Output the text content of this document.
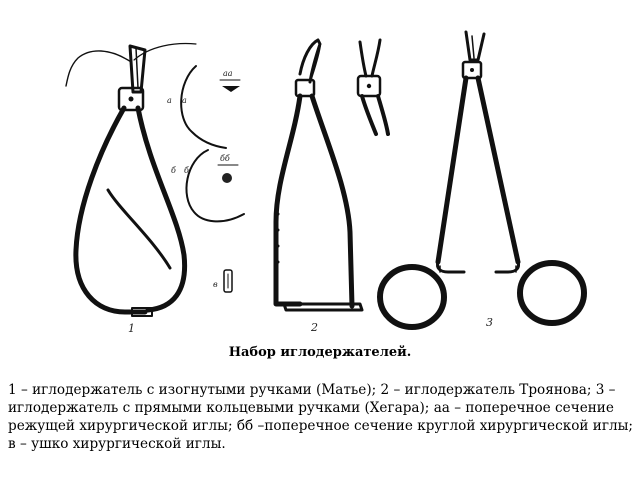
1	2	3
аа
а а
бб
б б
в
Набор иглодержателей.

1 – иглодержатель с изогнутыми ручками (Матье); 2 – иглодержатель Троянова; 3 – иглодержатель с прямыми кольцевыми ручками (Хегара); аа – поперечное сечение режущей хирургической иглы; бб –поперечное сечение круглой хирургической иглы; в – ушко хирургической иглы.
